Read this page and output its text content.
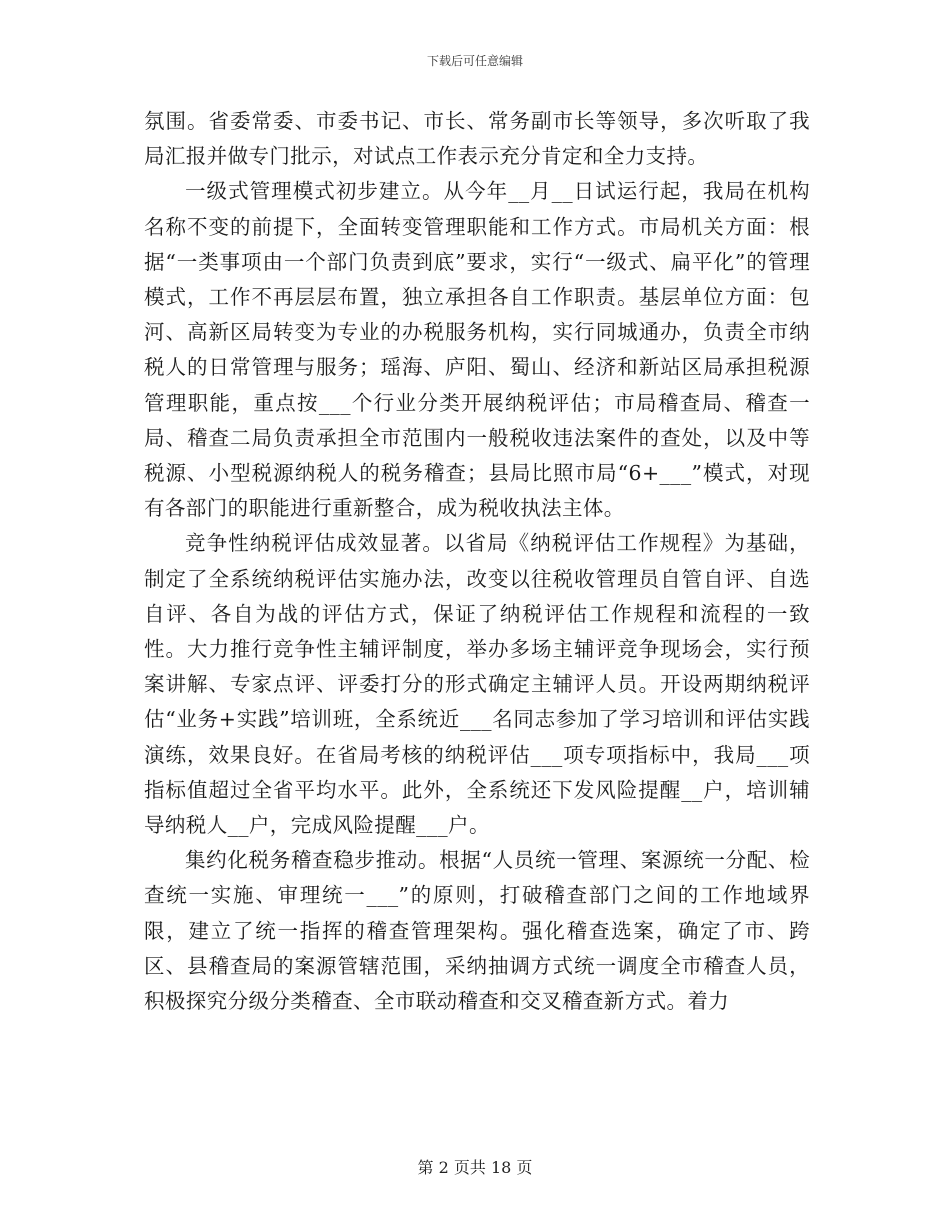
下载后可任意编辑

氛围。省委常委、市委书记、市长、常务副市长等领导，多次听取了我局汇报并做专门批示，对试点工作表示充分肯定和全力支持。

一级式管理模式初步建立。从今年__月__日试运行起，我局在机构名称不变的前提下，全面转变管理职能和工作方式。市局机关方面：根据“一类事项由一个部门负责到底”要求，实行“一级式、扁平化”的管理模式，工作不再层层布置，独立承担各自工作职责。基层单位方面：包河、高新区局转变为专业的办税服务机构，实行同城通办，负责全市纳税人的日常管理与服务；瑶海、庐阳、蜀山、经济和新站区局承担税源管理职能，重点按___个行业分类开展纳税评估；市局稽查局、稽查一局、稽查二局负责承担全市范围内一般税收违法案件的查处，以及中等税源、小型税源纳税人的税务稽查；县局比照市局“6+___”模式，对现有各部门的职能进行重新整合，成为税收执法主体。

竞争性纳税评估成效显著。以省局《纳税评估工作规程》为基础，制定了全系统纳税评估实施办法，改变以往税收管理员自管自评、自选自评、各自为战的评估方式，保证了纳税评估工作规程和流程的一致性。大力推行竞争性主辅评制度，举办多场主辅评竞争现场会，实行预案讲解、专家点评、评委打分的形式确定主辅评人员。开设两期纳税评估“业务+实践”培训班，全系统近___名同志参加了学习培训和评估实践演练，效果良好。在省局考核的纳税评估___项专项指标中，我局___项指标值超过全省平均水平。此外，全系统还下发风险提醒__户，培训辅导纳税人__户，完成风险提醒___户。

集约化税务稽查稳步推动。根据“人员统一管理、案源统一分配、检查统一实施、审理统一___”的原则，打破稽查部门之间的工作地域界限，建立了统一指挥的稽查管理架构。强化稽查选案，确定了市、跨区、县稽查局的案源管辖范围，采纳抽调方式统一调度全市稽查人员，积极探究分级分类稽查、全市联动稽查和交叉稽查新方式。着力

第 2 页共 18 页
